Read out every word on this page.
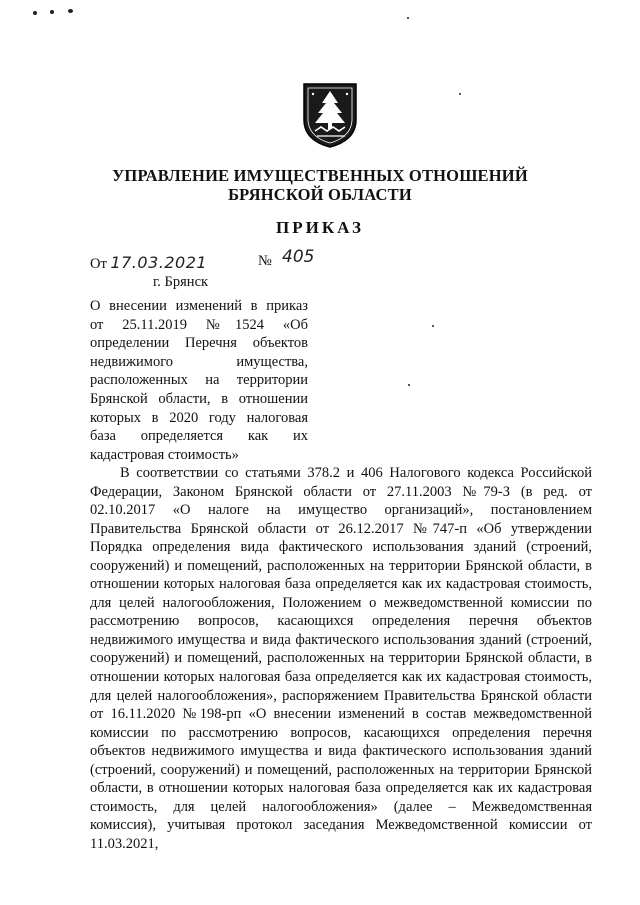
УПРАВЛЕНИЕ ИМУЩЕСТВЕННЫХ ОТНОШЕНИЙ
БРЯНСКОЙ ОБЛАСТИ
ПРИКАЗ
От 17.03.2021	№ 405
г. Брянск
О внесении изменений в приказ
от 25.11.2019 №1524 «Об
определении Перечня объектов
недвижимого имущества,
расположенных на территории
Брянской области, в отношении
которых в 2020 году налоговая
база определяется как их
кадастровая стоимость»
В соответствии со статьями 378.2 и 406 Налогового кодекса Российской
Федерации, Законом Брянской области от 27.11.2003 №79-З (в ред. от
02.10.2017 «О налоге на имущество организаций», постановлением
Правительства Брянской области от 26.12.2017 №747-п «Об утверждении
Порядка определения вида фактического использования зданий (строений,
сооружений) и помещений, расположенных на территории Брянской области, в
отношении которых налоговая база определяется как их кадастровая стоимость,
для целей налогообложения, Положением о межведомственной комиссии по
рассмотрению вопросов, касающихся определения перечня объектов
недвижимого имущества и вида фактического использования зданий (строений,
сооружений) и помещений, расположенных на территории Брянской области, в
отношении которых налоговая база определяется как их кадастровая стоимость,
для целей налогообложения», распоряжением Правительства Брянской области
от 16.11.2020 №198-рп «О внесении изменений в состав межведомственной
комиссии по рассмотрению вопросов, касающихся определения перечня
объектов недвижимого имущества и вида фактического использования зданий
(строений, сооружений) и помещений, расположенных на территории Брянской
области, в отношении которых налоговая база определяется как их кадастровая
стоимость, для целей налогообложения» (далее – Межведомственная
комиссия), учитывая протокол заседания Межведомственной комиссии от
11.03.2021,
